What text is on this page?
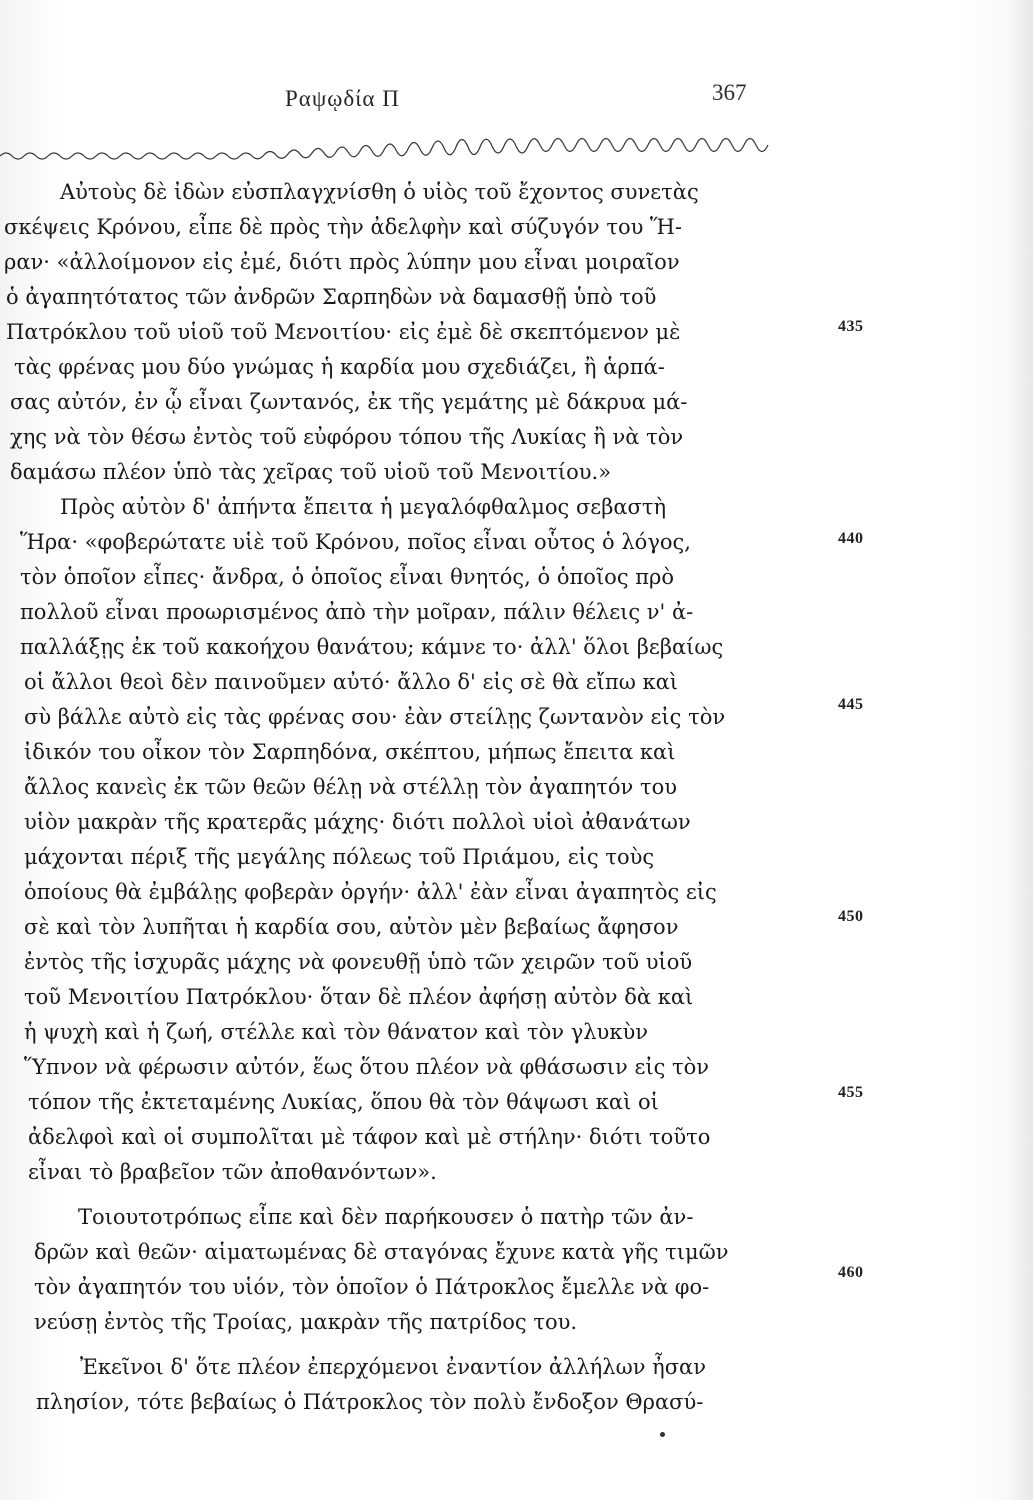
Ραψῳδία Π	367
Αὐτοὺς δὲ ἰδὼν εὐσπλαγχνίσθη ὁ υἱὸς τοῦ ἔχοντος συνετὰς
σκέψεις Κρόνου, εἶπε δὲ πρὸς τὴν ἀδελφὴν καὶ σύζυγόν του Ἥ-
ραν· «ἀλλοίμονον εἰς ἐμέ, διότι πρὸς λύπην μου εἶναι μοιραῖον
ὁ ἀγαπητότατος τῶν ἀνδρῶν Σαρπηδὼν νὰ δαμασθῇ ὑπὸ τοῦ
Πατρόκλου τοῦ υἱοῦ τοῦ Μενοιτίου· εἰς ἐμὲ δὲ σκεπτόμενον μὲ
τὰς φρένας μου δύο γνώμας ἡ καρδία μου σχεδιάζει, ἢ ἁρπά-
σας αὐτόν, ἐν ᾧ εἶναι ζωντανός, ἐκ τῆς γεμάτης μὲ δάκρυα μά-
χης νὰ τὸν θέσω ἐντὸς τοῦ εὐφόρου τόπου τῆς Λυκίας ἢ νὰ τὸν
δαμάσω πλέον ὑπὸ τὰς χεῖρας τοῦ υἱοῦ τοῦ Μενοιτίου.»
Πρὸς αὐτὸν δ' ἀπήντα ἔπειτα ἡ μεγαλόφθαλμος σεβαστὴ
Ἥρα· «φοβερώτατε υἱὲ τοῦ Κρόνου, ποῖος εἶναι οὗτος ὁ λόγος,
τὸν ὁποῖον εἶπες· ἄνδρα, ὁ ὁποῖος εἶναι θνητός, ὁ ὁποῖος πρὸ
πολλοῦ εἶναι προωρισμένος ἀπὸ τὴν μοῖραν, πάλιν θέλεις ν' ἀ-
παλλάξῃς ἐκ τοῦ κακοήχου θανάτου; κάμνε το· ἀλλ' ὅλοι βεβαίως
οἱ ἄλλοι θεοὶ δὲν παινοῦμεν αὐτό· ἄλλο δ' εἰς σὲ θὰ εἴπω καὶ
σὺ βάλλε αὐτὸ εἰς τὰς φρένας σου· ἐὰν στείλῃς ζωντανὸν εἰς τὸν
ἰδικόν του οἶκον τὸν Σαρπηδόνα, σκέπτου, μήπως ἔπειτα καὶ
ἄλλος κανεὶς ἐκ τῶν θεῶν θέλῃ νὰ στέλλῃ τὸν ἀγαπητόν του
υἱὸν μακρὰν τῆς κρατερᾶς μάχης· διότι πολλοὶ υἱοὶ ἀθανάτων
μάχονται πέριξ τῆς μεγάλης πόλεως τοῦ Πριάμου, εἰς τοὺς
ὁποίους θὰ ἐμβάλῃς φοβερὰν ὀργήν· ἀλλ' ἐὰν εἶναι ἀγαπητὸς εἰς
σὲ καὶ τὸν λυπῆται ἡ καρδία σου, αὐτὸν μὲν βεβαίως ἄφησον
ἐντὸς τῆς ἰσχυρᾶς μάχης νὰ φονευθῇ ὑπὸ τῶν χειρῶν τοῦ υἱοῦ
τοῦ Μενοιτίου Πατρόκλου· ὅταν δὲ πλέον ἀφήσῃ αὐτὸν δὰ καὶ
ἡ ψυχὴ καὶ ἡ ζωή, στέλλε καὶ τὸν θάνατον καὶ τὸν γλυκὺν
Ὕπνον νὰ φέρωσιν αὐτόν, ἕως ὅτου πλέον νὰ φθάσωσιν εἰς τὸν
τόπον τῆς ἐκτεταμένης Λυκίας, ὅπου θὰ τὸν θάψωσι καὶ οἱ
ἀδελφοὶ καὶ οἱ συμπολῖται μὲ τάφον καὶ μὲ στήλην· διότι τοῦτο
εἶναι τὸ βραβεῖον τῶν ἀποθανόντων».
Τοιουτοτρόπως εἶπε καὶ δὲν παρήκουσεν ὁ πατὴρ τῶν ἀν-
δρῶν καὶ θεῶν· αἱματωμένας δὲ σταγόνας ἔχυνε κατὰ γῆς τιμῶν
τὸν ἀγαπητόν του υἱόν, τὸν ὁποῖον ὁ Πάτροκλος ἔμελλε νὰ φο-
νεύσῃ ἐντὸς τῆς Τροίας, μακρὰν τῆς πατρίδος του.
Ἐκεῖνοι δ' ὅτε πλέον ἐπερχόμενοι ἐναντίον ἀλλήλων ἦσαν
πλησίον, τότε βεβαίως ὁ Πάτροκλος τὸν πολὺ ἔνδοξον Θρασύ-
435
440
445
450
455
460
